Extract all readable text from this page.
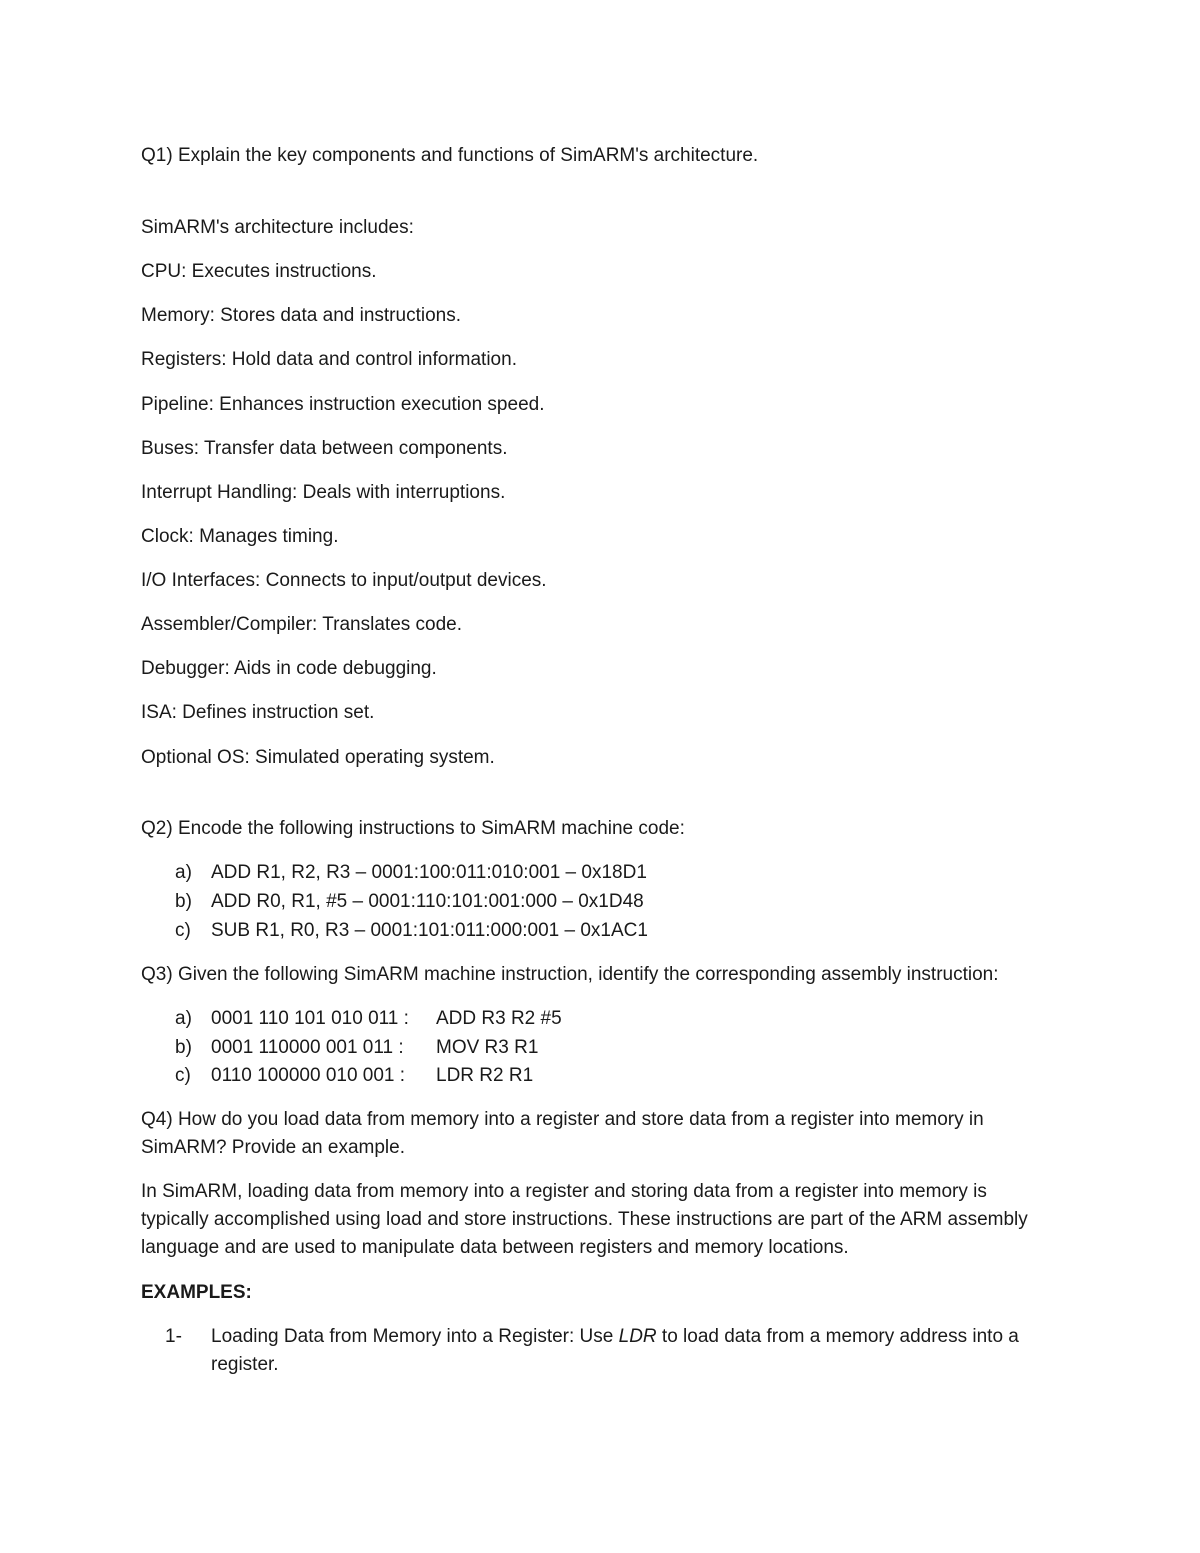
Q1) Explain the key components and functions of SimARM's architecture.
SimARM's architecture includes:
CPU: Executes instructions.
Memory: Stores data and instructions.
Registers: Hold data and control information.
Pipeline: Enhances instruction execution speed.
Buses: Transfer data between components.
Interrupt Handling: Deals with interruptions.
Clock: Manages timing.
I/O Interfaces: Connects to input/output devices.
Assembler/Compiler: Translates code.
Debugger: Aids in code debugging.
ISA: Defines instruction set.
Optional OS: Simulated operating system.
Q2) Encode the following instructions to SimARM machine code:
a) ADD R1, R2, R3 – 0001:100:011:010:001 – 0x18D1
b) ADD R0, R1, #5 – 0001:110:101:001:000 – 0x1D48
c) SUB R1, R0, R3 – 0001:101:011:000:001 – 0x1AC1
Q3) Given the following SimARM machine instruction, identify the corresponding assembly instruction:
a) 0001 110 101 010 011 : ADD R3 R2 #5
b) 0001 110000 001 011 : MOV R3 R1
c) 0110 100000 010 001 : LDR R2 R1
Q4) How do you load data from memory into a register and store data from a register into memory in SimARM? Provide an example.
In SimARM, loading data from memory into a register and storing data from a register into memory is typically accomplished using load and store instructions. These instructions are part of the ARM assembly language and are used to manipulate data between registers and memory locations.
EXAMPLES:
1- Loading Data from Memory into a Register: Use LDR to load data from a memory address into a register.
